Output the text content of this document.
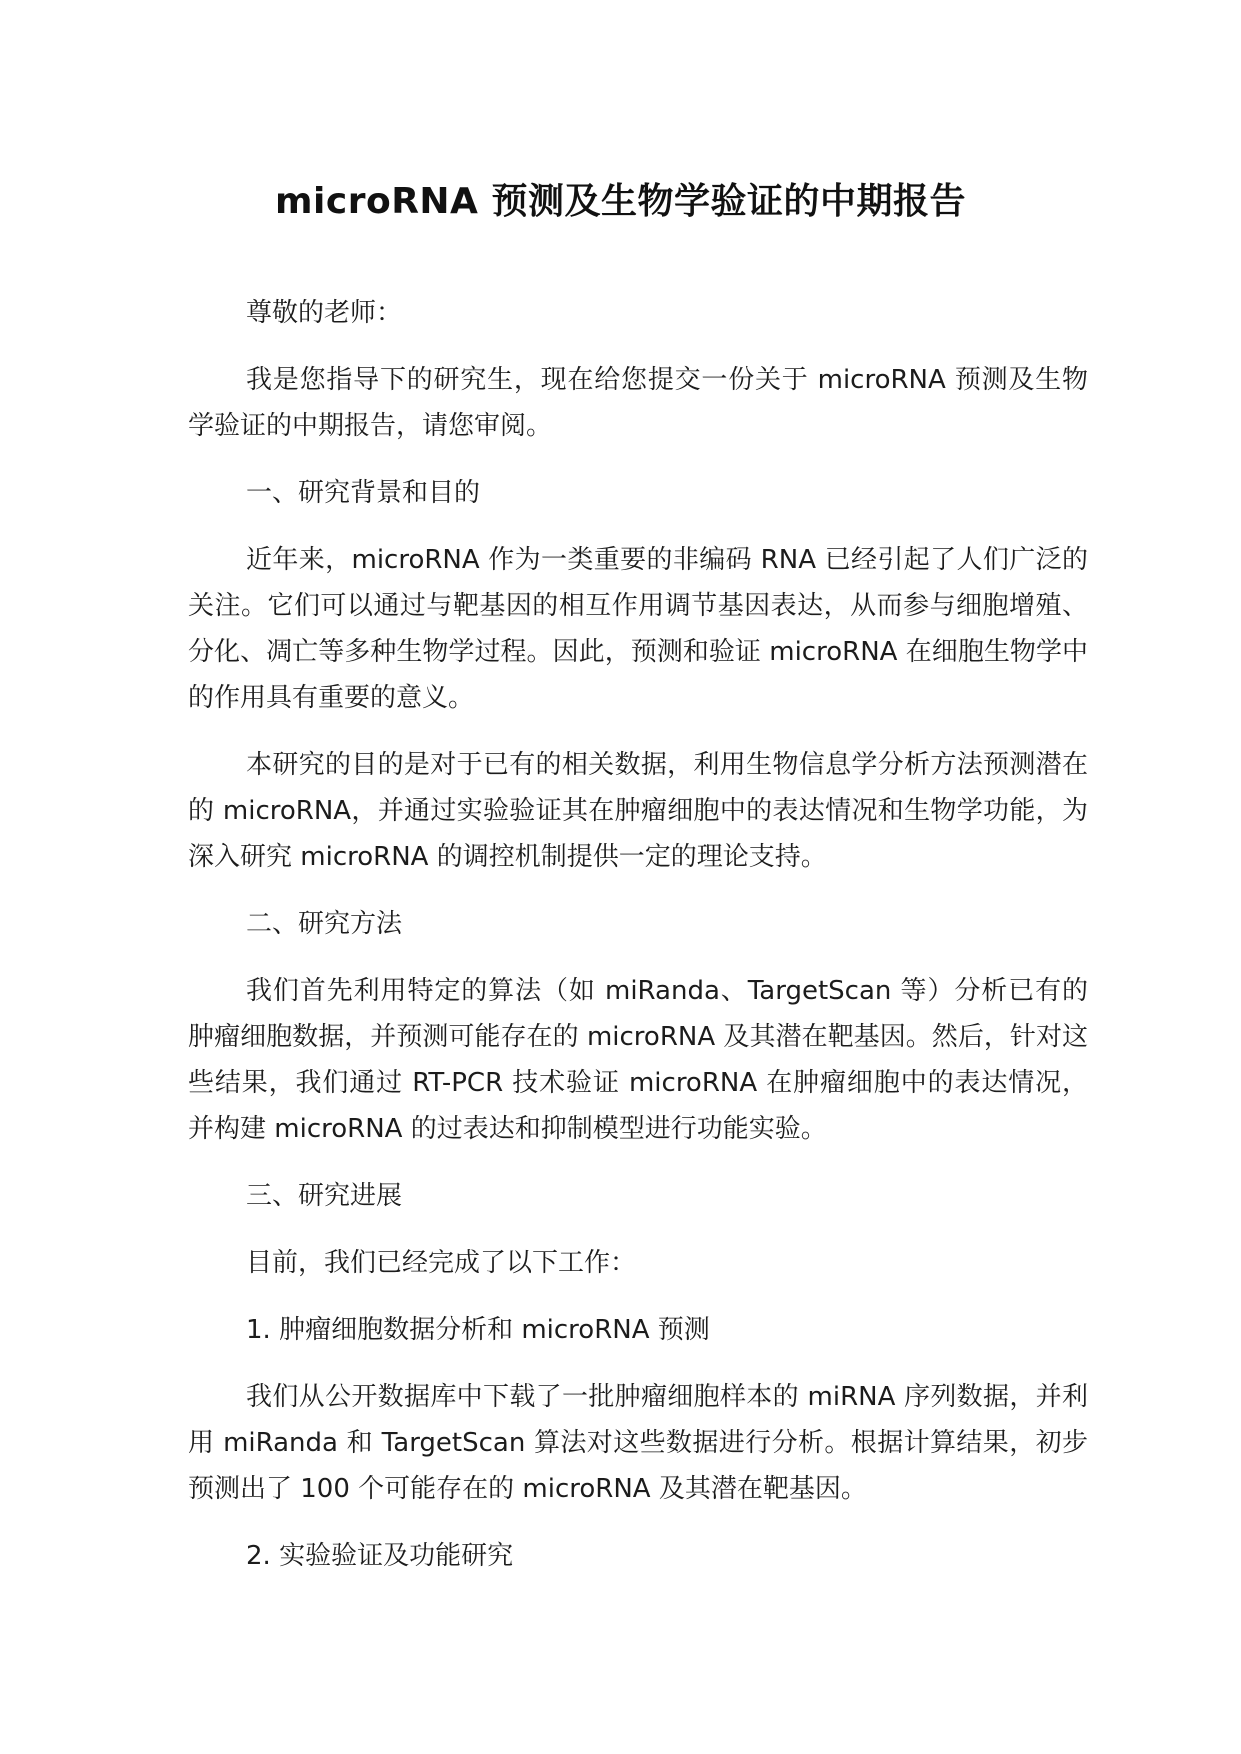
microRNA 预测及生物学验证的中期报告

尊敬的老师：

我是您指导下的研究生，现在给您提交一份关于 microRNA 预测及生物学验证的中期报告，请您审阅。

一、研究背景和目的

近年来，microRNA 作为一类重要的非编码 RNA 已经引起了人们广泛的关注。它们可以通过与靶基因的相互作用调节基因表达，从而参与细胞增殖、分化、凋亡等多种生物学过程。因此，预测和验证 microRNA 在细胞生物学中的作用具有重要的意义。

本研究的目的是对于已有的相关数据，利用生物信息学分析方法预测潜在的 microRNA，并通过实验验证其在肿瘤细胞中的表达情况和生物学功能，为深入研究 microRNA 的调控机制提供一定的理论支持。

二、研究方法

我们首先利用特定的算法（如 miRanda、TargetScan 等）分析已有的肿瘤细胞数据，并预测可能存在的 microRNA 及其潜在靶基因。然后，针对这些结果，我们通过 RT-PCR 技术验证 microRNA 在肿瘤细胞中的表达情况，并构建 microRNA 的过表达和抑制模型进行功能实验。

三、研究进展

目前，我们已经完成了以下工作：

1. 肿瘤细胞数据分析和 microRNA 预测

我们从公开数据库中下载了一批肿瘤细胞样本的 miRNA 序列数据，并利用 miRanda 和 TargetScan 算法对这些数据进行分析。根据计算结果，初步预测出了 100 个可能存在的 microRNA 及其潜在靶基因。

2. 实验验证及功能研究
